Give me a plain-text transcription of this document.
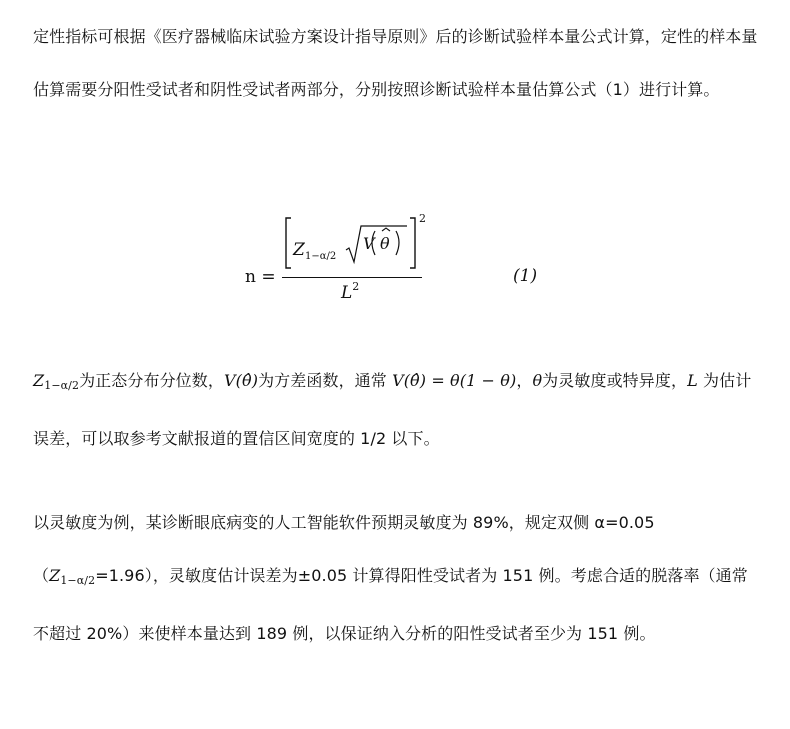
定性指标可根据《医疗器械临床试验方案设计指导原则》后的诊断试验样本量公式计算，定性的样本量估算需要分阳性受试者和阴性受试者两部分，分别按照诊断试验样本量估算公式（1）进行计算。

n =
Z 1−α/2
V θ
2
$L^2$
(1)

$Z_{1-\alpha/2}$为正态分布分位数，V(θ̂)为方差函数，通常 V(θ̂) = θ(1 − θ)，θ为灵敏度或特异度，L 为估计误差，可以取参考文献报道的置信区间宽度的 1/2 以下。

以灵敏度为例，某诊断眼底病变的人工智能软件预期灵敏度为 89%，规定双侧 $\alpha=0.05(Z_{1-\alpha/2}=1.96)$，灵敏度估计误差为±0.05 计算得阳性受试者为 151 例。考虑合适的脱落率（通常不超过 20%）来使样本量达到 189 例，以保证纳入分析的阳性受试者至少为 151 例。
